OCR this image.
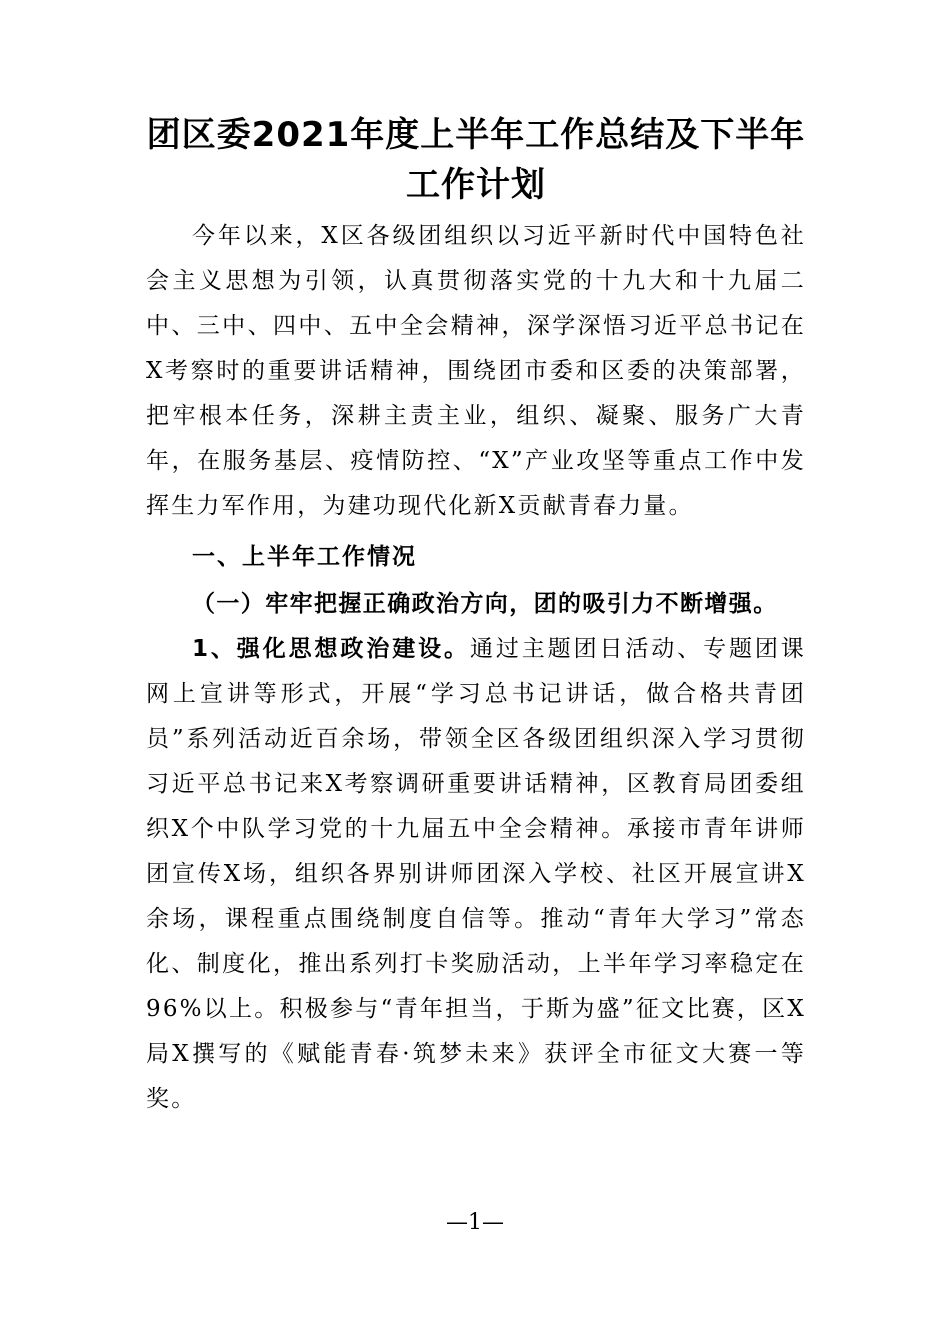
团区委2021年度上半年工作总结及下半年工作计划

今年以来，X区各级团组织以习近平新时代中国特色社会主义思想为引领，认真贯彻落实党的十九大和十九届二中、三中、四中、五中全会精神，深学深悟习近平总书记在X考察时的重要讲话精神，围绕团市委和区委的决策部署，把牢根本任务，深耕主责主业，组织、凝聚、服务广大青年，在服务基层、疫情防控、“X”产业攻坚等重点工作中发挥生力军作用，为建功现代化新X贡献青春力量。

一、上半年工作情况

（一）牢牢把握正确政治方向，团的吸引力不断增强。

1、强化思想政治建设。通过主题团日活动、专题团课网上宣讲等形式，开展“学习总书记讲话，做合格共青团员”系列活动近百余场，带领全区各级团组织深入学习贯彻习近平总书记来X考察调研重要讲话精神，区教育局团委组织X个中队学习党的十九届五中全会精神。承接市青年讲师团宣传X场，组织各界别讲师团深入学校、社区开展宣讲X余场，课程重点围绕制度自信等。推动“青年大学习”常态化、制度化，推出系列打卡奖励活动，上半年学习率稳定在96%以上。积极参与“青年担当，于斯为盛”征文比赛，区X局X撰写的《赋能青春·筑梦未来》获评全市征文大赛一等奖。

—1—
